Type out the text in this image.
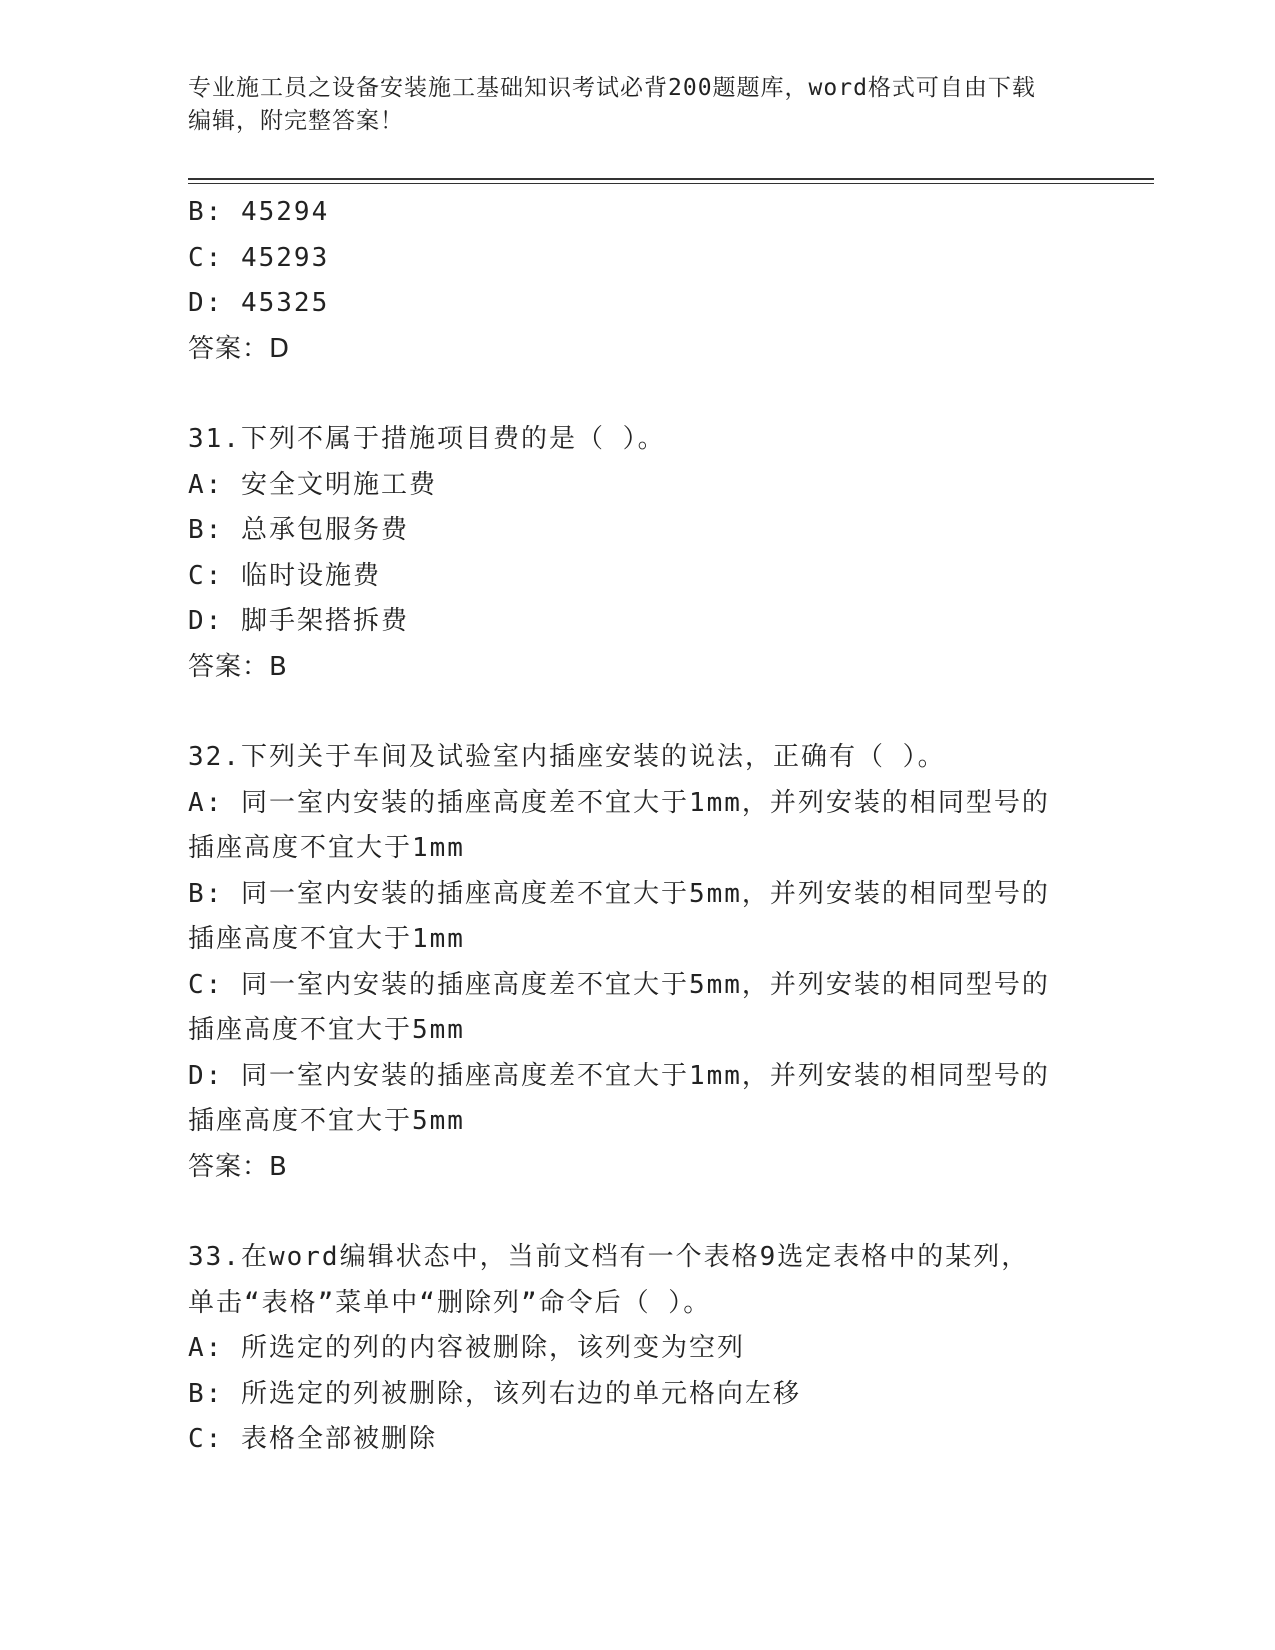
专业施工员之设备安装施工基础知识考试必背200题题库，word格式可自由下载
编辑，附完整答案！
B: 45294
C: 45293
D: 45325
答案：D
31.下列不属于措施项目费的是（ ）。
A: 安全文明施工费
B: 总承包服务费
C: 临时设施费
D: 脚手架搭拆费
答案：B
32.下列关于车间及试验室内插座安装的说法，正确有（ ）。
A: 同一室内安装的插座高度差不宜大于1mm，并列安装的相同型号的
插座高度不宜大于1mm
B: 同一室内安装的插座高度差不宜大于5mm，并列安装的相同型号的
插座高度不宜大于1mm
C: 同一室内安装的插座高度差不宜大于5mm，并列安装的相同型号的
插座高度不宜大于5mm
D: 同一室内安装的插座高度差不宜大于1mm，并列安装的相同型号的
插座高度不宜大于5mm
答案：B
33.在word编辑状态中，当前文档有一个表格9选定表格中的某列，
单击“表格”菜单中“删除列”命令后（ ）。
A: 所选定的列的内容被删除，该列变为空列
B: 所选定的列被删除，该列右边的单元格向左移
C: 表格全部被删除
